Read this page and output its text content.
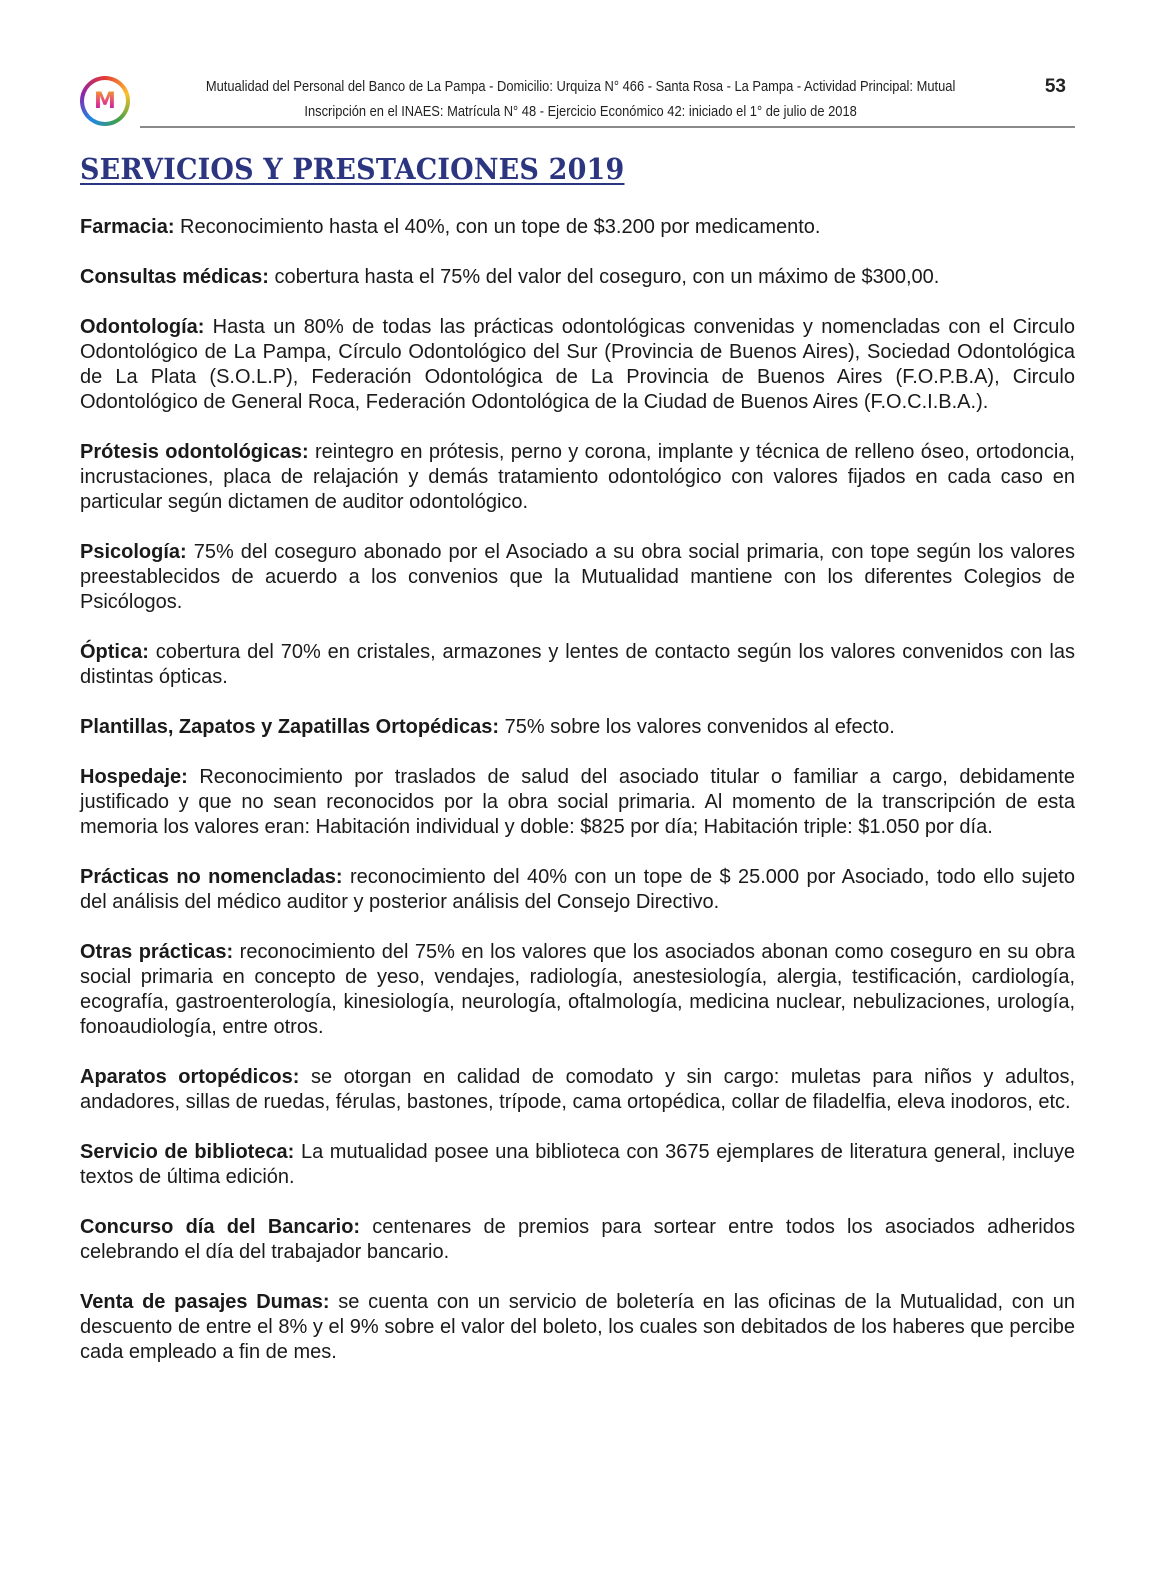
M
Mutualidad del Personal del Banco de La Pampa - Domicilio: Urquiza N° 466 - Santa Rosa - La Pampa - Actividad Principal: Mutual
Inscripción en el INAES: Matrícula N° 48 - Ejercicio Económico 42: iniciado el 1° de julio de 2018
53
SERVICIOS Y PRESTACIONES 2019

Farmacia: Reconocimiento hasta el 40%, con un tope de $3.200 por medicamento.

Consultas médicas: cobertura hasta el 75% del valor del coseguro, con un máximo de $300,00.

Odontología: Hasta un 80% de todas las prácticas odontológicas convenidas y nomencladas con el Circulo Odontológico de La Pampa, Círculo Odontológico del Sur (Provincia de Buenos Aires), Sociedad Odontológica de La Plata (S.O.L.P), Federación Odontológica de La Provincia de Buenos Aires (F.O.P.B.A), Circulo Odontológico de General Roca, Federación Odontológica de la Ciudad de Buenos Aires (F.O.C.I.B.A.).

Prótesis odontológicas: reintegro en prótesis, perno y corona, implante y técnica de relleno óseo, ortodoncia, incrustaciones, placa de relajación y demás tratamiento odontológico con valores fijados en cada caso en particular según dictamen de auditor odontológico.

Psicología: 75% del coseguro abonado por el Asociado a su obra social primaria, con tope según los valores preestablecidos de acuerdo a los convenios que la Mutualidad mantiene con los diferentes Colegios de Psicólogos.

Óptica: cobertura del 70% en cristales, armazones y lentes de contacto según los valores convenidos con las distintas ópticas.

Plantillas, Zapatos y Zapatillas Ortopédicas: 75% sobre los valores convenidos al efecto.

Hospedaje: Reconocimiento por traslados de salud del asociado titular o familiar a cargo, debidamente justificado y que no sean reconocidos por la obra social primaria. Al momento de la transcripción de esta memoria los valores eran: Habitación individual y doble: $825 por día; Habitación triple: $1.050 por día.

Prácticas no nomencladas: reconocimiento del 40% con un tope de $ 25.000 por Asociado, todo ello sujeto del análisis del médico auditor y posterior análisis del Consejo Directivo.

Otras prácticas: reconocimiento del 75% en los valores que los asociados abonan como coseguro en su obra social primaria en concepto de yeso, vendajes, radiología, anestesiología, alergia, testificación, cardiología, ecografía, gastroenterología, kinesiología, neurología, oftalmología, medicina nuclear, nebulizaciones, urología, fonoaudiología, entre otros.

Aparatos ortopédicos: se otorgan en calidad de comodato y sin cargo: muletas para niños y adultos, andadores, sillas de ruedas, férulas, bastones, trípode, cama ortopédica, collar de filadelfia, eleva inodoros, etc.

Servicio de biblioteca: La mutualidad posee una biblioteca con 3675 ejemplares de literatura general, incluye textos de última edición.

Concurso día del Bancario: centenares de premios para sortear entre todos los asociados adheridos celebrando el día del trabajador bancario.

Venta de pasajes Dumas: se cuenta con un servicio de boletería en las oficinas de la Mutualidad, con un descuento de entre el 8% y el 9% sobre el valor del boleto, los cuales son debitados de los haberes que percibe cada empleado a fin de mes.
